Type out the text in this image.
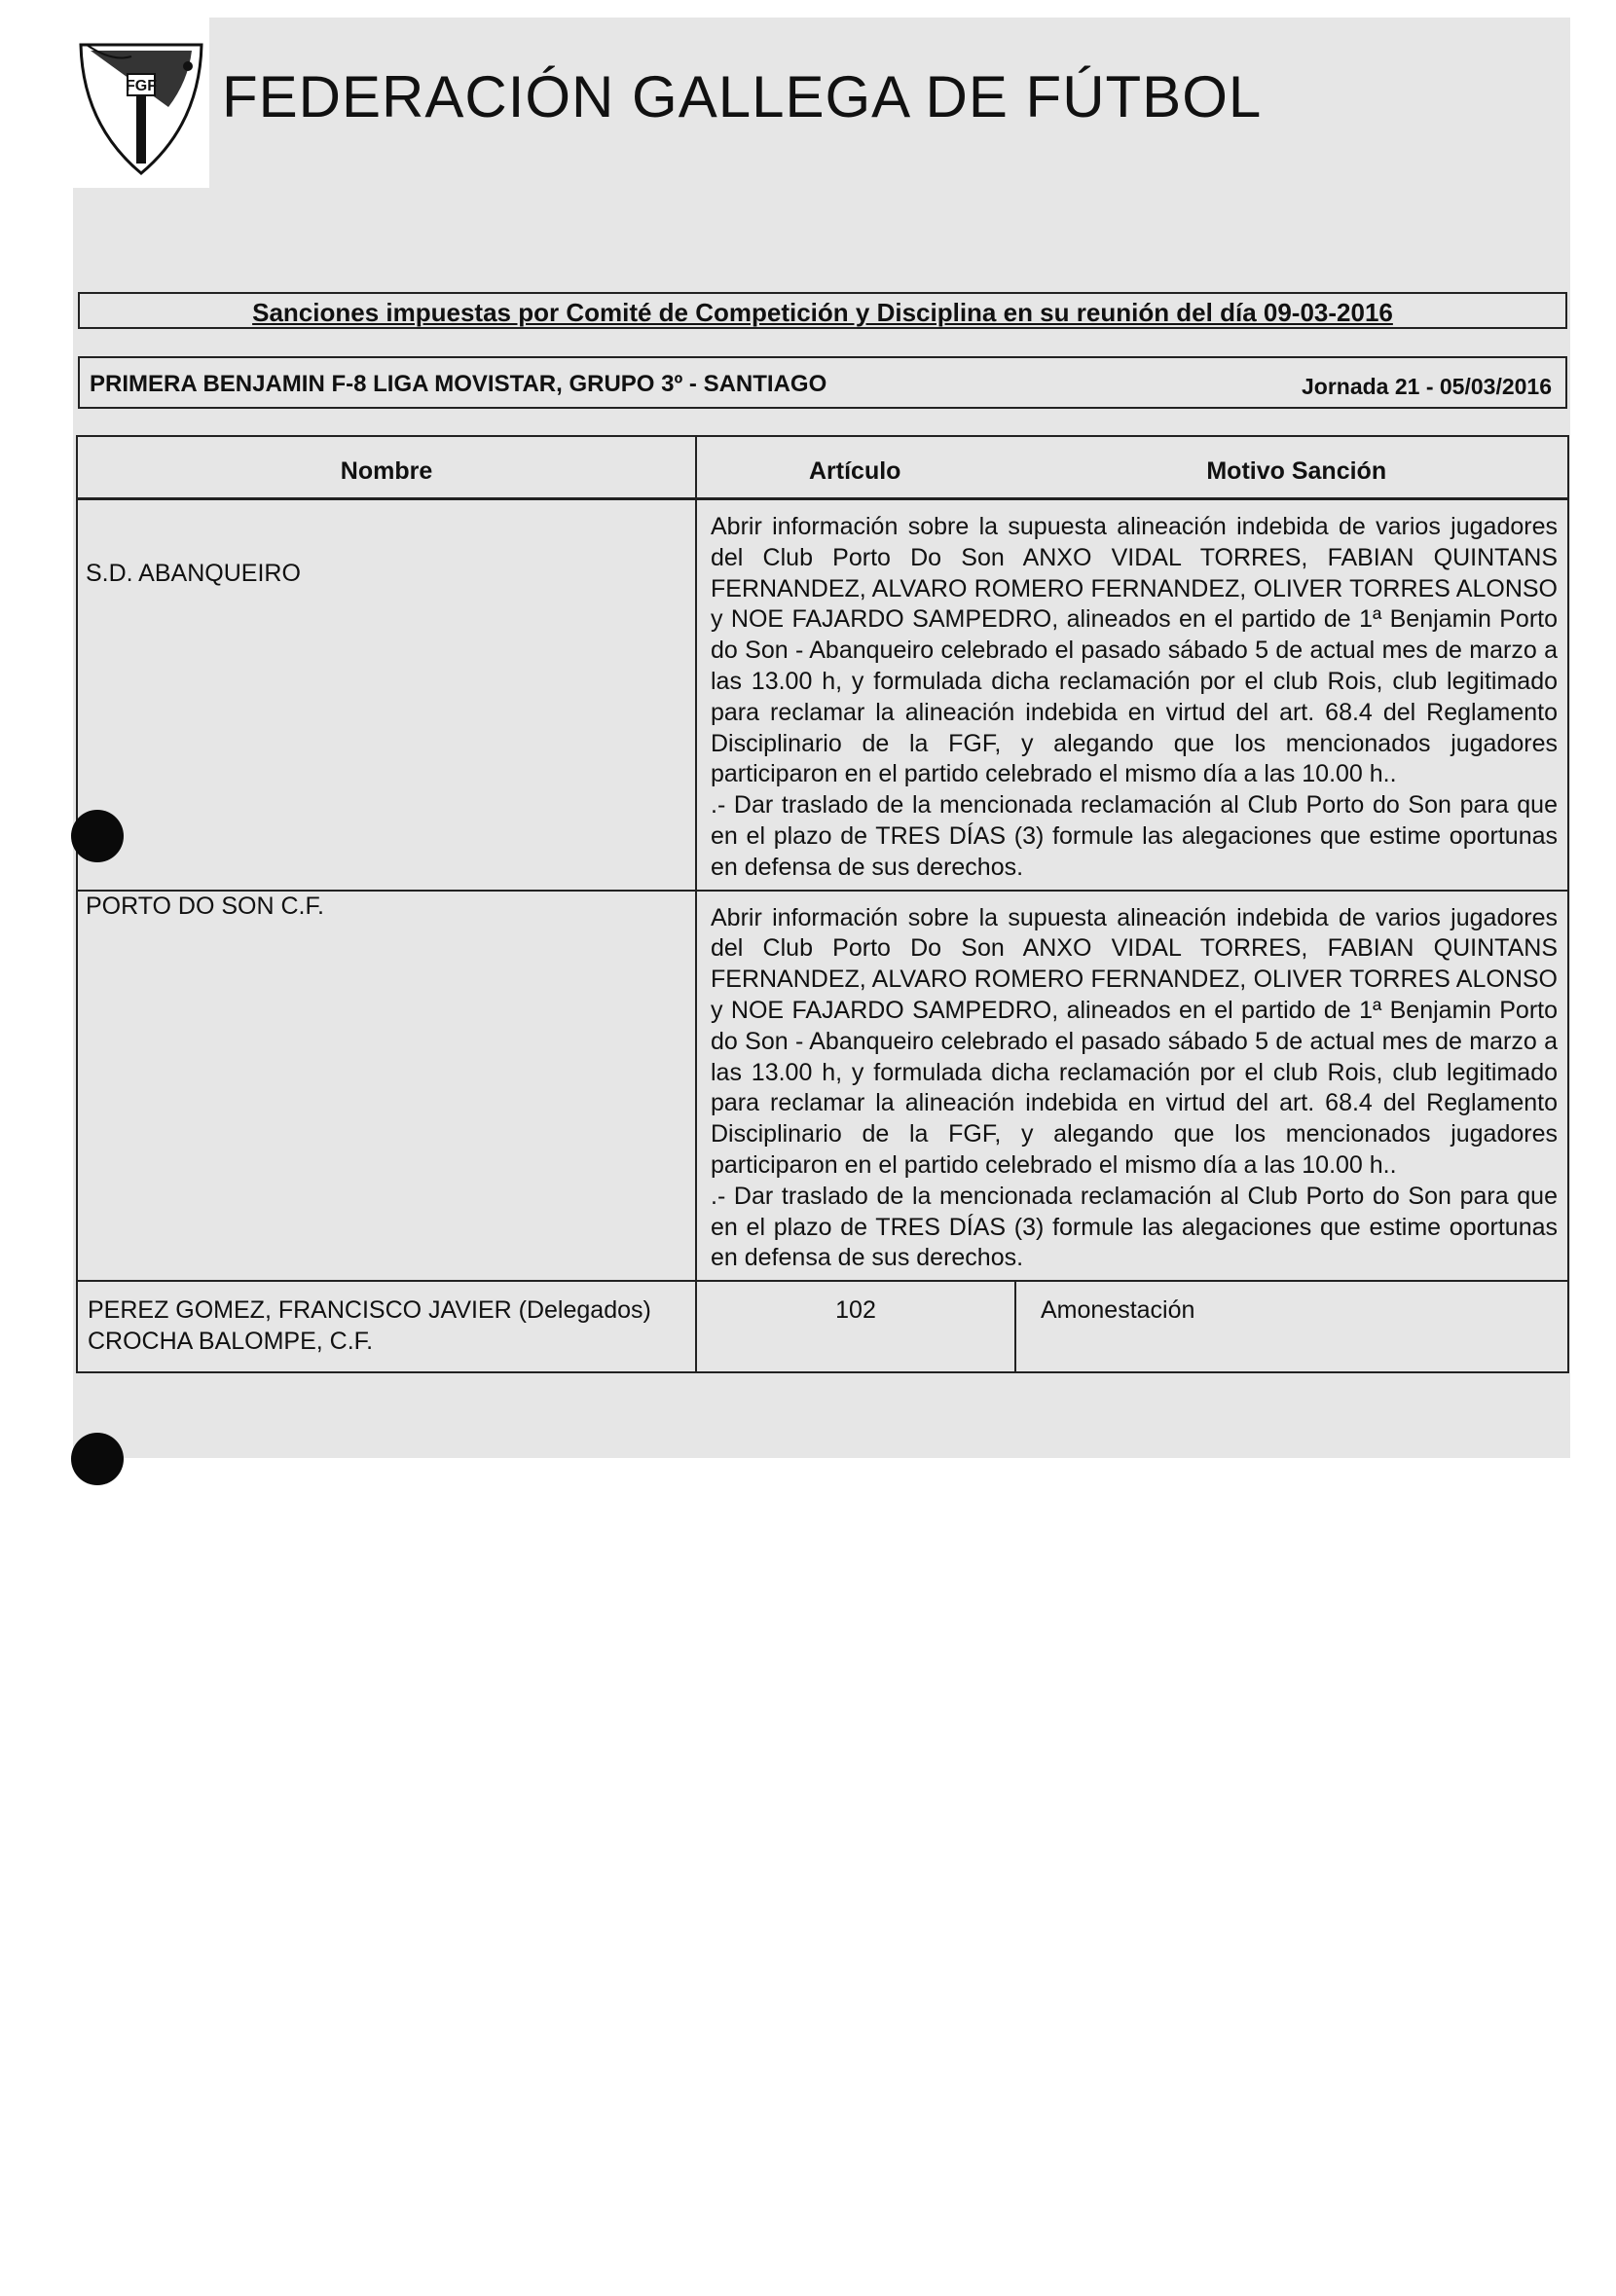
FGF FEDERACIÓN GALLEGA DE FÚTBOL
Sanciones impuestas por Comité de Competición y Disciplina en su reunión del día 09-03-2016
PRIMERA BENJAMIN F-8 LIGA MOVISTAR, GRUPO 3º - SANTIAGO	Jornada 21 - 05/03/2016
Nombre	Artículo Motivo Sanción	
S.D. ABANQUEIRO	Abrir información sobre la supuesta alineación indebida de varios jugadores del Club Porto Do Son ANXO VIDAL TORRES, FABIAN QUINTANS FERNANDEZ, ALVARO ROMERO FERNANDEZ, OLIVER TORRES ALONSO y NOE FAJARDO SAMPEDRO, alineados en el partido de 1ª Benjamin Porto do Son - Abanqueiro celebrado el pasado sábado 5 de actual mes de marzo a las 13.00 h, y formulada dicha reclamación por el club Rois, club legitimado para reclamar la alineación indebida en virtud del art. 68.4 del Reglamento Disciplinario de la FGF, y alegando que los mencionados jugadores participaron en el partido celebrado el mismo día a las 10.00 h..

.- Dar traslado de la mencionada reclamación al Club Porto do Son para que en el plazo de TRES DÍAS (3) formule las alegaciones que estime oportunas en defensa de sus derechos.	

PORTO DO SON C.F.	Abrir información sobre la supuesta alineación indebida de varios jugadores del Club Porto Do Son ANXO VIDAL TORRES, FABIAN QUINTANS FERNANDEZ, ALVARO ROMERO FERNANDEZ, OLIVER TORRES ALONSO y NOE FAJARDO SAMPEDRO, alineados en el partido de 1ª Benjamin Porto do Son - Abanqueiro celebrado el pasado sábado 5 de actual mes de marzo a las 13.00 h, y formulada dicha reclamación por el club Rois, club legitimado para reclamar la alineación indebida en virtud del art. 68.4 del Reglamento Disciplinario de la FGF, y alegando que los mencionados jugadores participaron en el partido celebrado el mismo día a las 10.00 h..

.- Dar traslado de la mencionada reclamación al Club Porto do Son para que en el plazo de TRES DÍAS (3) formule las alegaciones que estime oportunas en defensa de sus derechos.	

PEREZ GOMEZ, FRANCISCO JAVIER (Delegados)
CROCHA BALOMPE, C.F.	102	Amonestación
